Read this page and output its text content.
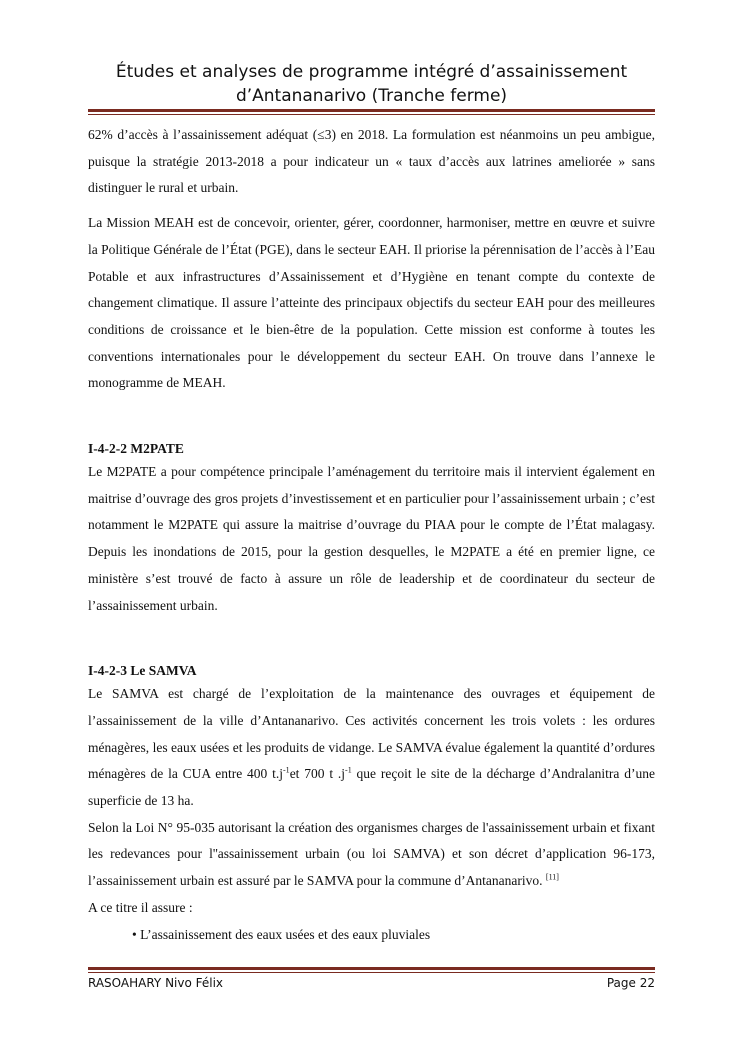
Études et analyses de programme intégré d’assainissement d’Antananarivo (Tranche ferme)

62% d’accès à l’assainissement adéquat (≤3) en 2018. La formulation est néanmoins un peu ambigue, puisque la stratégie 2013-2018 a pour indicateur un « taux d’accès aux latrines ameliorée » sans distinguer le rural et urbain.

La Mission MEAH est de concevoir, orienter, gérer, coordonner, harmoniser, mettre en œuvre et suivre la Politique Générale de l’État (PGE), dans le secteur EAH. Il priorise la pérennisation de l’accès à l’Eau Potable et aux infrastructures d’Assainissement et d’Hygiène en tenant compte du contexte de changement climatique. Il assure l’atteinte des principaux objectifs du secteur EAH pour des meilleures conditions de croissance et le bien-être de la population. Cette mission est conforme à toutes les conventions internationales pour le développement du secteur EAH. On trouve dans l’annexe le monogramme de MEAH.

I-4-2-2 M2PATE

Le M2PATE a pour compétence principale l’aménagement du territoire mais il intervient également en maitrise d’ouvrage des gros projets d’investissement et en particulier pour l’assainissement urbain ; c’est notamment le M2PATE qui assure la maitrise d’ouvrage du PIAA pour le compte de l’État malagasy. Depuis les inondations de 2015, pour la gestion desquelles, le M2PATE a été en premier ligne, ce ministère s’est trouvé de facto à assure un rôle de leadership et de coordinateur du secteur de l’assainissement urbain.

I-4-2-3 Le SAMVA

Le SAMVA est chargé de l’exploitation de la maintenance des ouvrages et équipement de l’assainissement de la ville d’Antananarivo. Ces activités concernent les trois volets : les ordures ménagères, les eaux usées et les produits de vidange. Le SAMVA évalue également la quantité d’ordures ménagères de la CUA entre 400 $t.j^{-1}et$ 700 t $.j^{-1}$ que reçoit le site de la décharge d’Andralanitra d’une superficie de 13 ha.

Selon la Loi N° 95-035 autorisant la création des organismes charges de l'assainissement urbain et fixant les redevances pour l''assainissement urbain (ou loi SAMVA) et son décret d’application 96-173, l’assainissement urbain est assuré par le SAMVA pour la commune d’Antananarivo. [11]

A ce titre il assure :

• L’assainissement des eaux usées et des eaux pluviales

RASOAHARY Nivo Félix	Page 22
